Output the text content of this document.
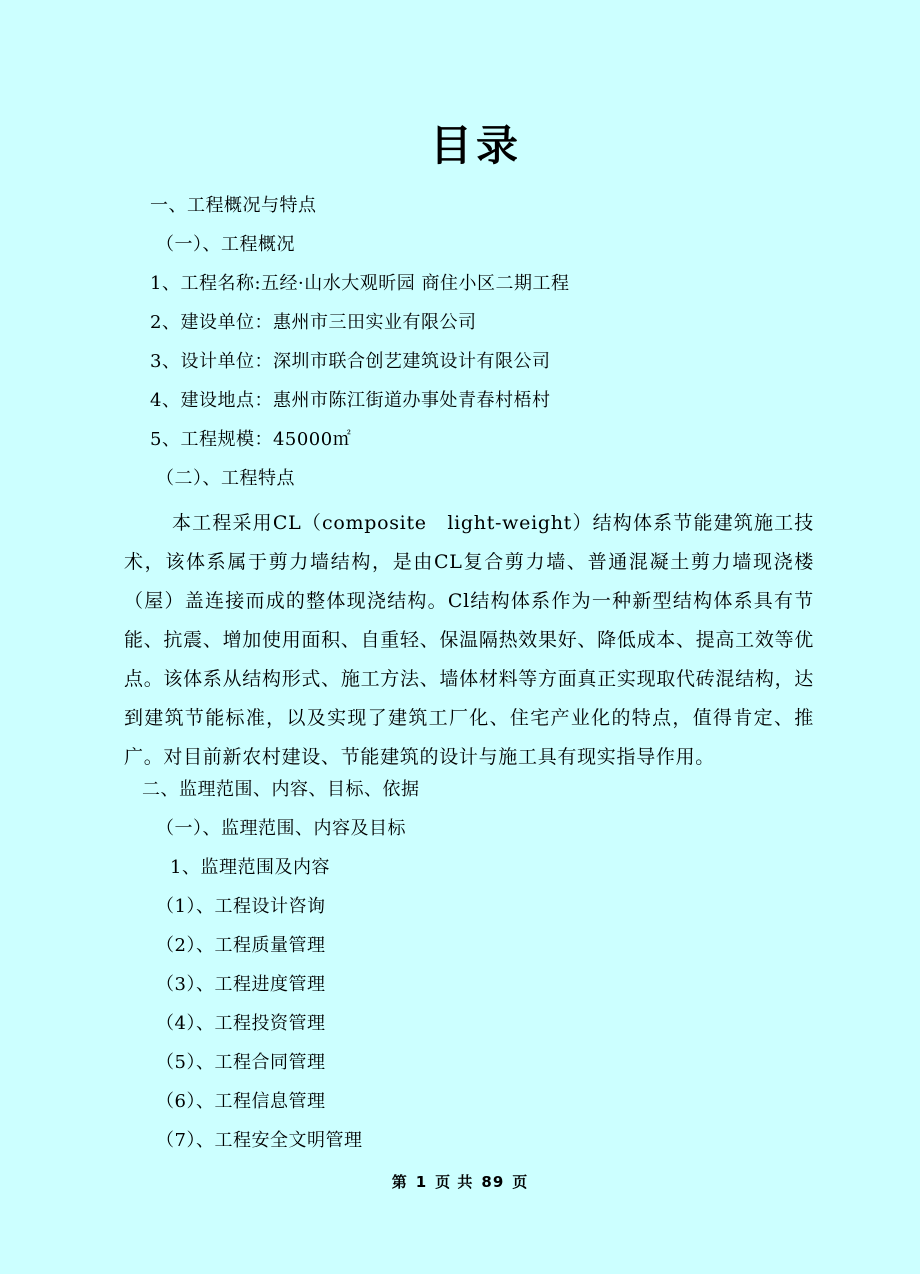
目录
一、工程概况与特点
（一）、工程概况
1、工程名称:五经·山水大观昕园 商住小区二期工程
2、建设单位：惠州市三田实业有限公司
3、设计单位：深圳市联合创艺建筑设计有限公司
4、建设地点：惠州市陈江街道办事处青春村梧村
5、工程规模：45000㎡
（二）、工程特点
本工程采用CL（composite　light-weight）结构体系节能建筑施工技术，该体系属于剪力墙结构，是由CL复合剪力墙、普通混凝土剪力墙现浇楼（屋）盖连接而成的整体现浇结构。Cl结构体系作为一种新型结构体系具有节能、抗震、增加使用面积、自重轻、保温隔热效果好、降低成本、提高工效等优点。该体系从结构形式、施工方法、墙体材料等方面真正实现取代砖混结构，达到建筑节能标准，以及实现了建筑工厂化、住宅产业化的特点，值得肯定、推广。对目前新农村建设、节能建筑的设计与施工具有现实指导作用。
二、监理范围、内容、目标、依据
（一）、监理范围、内容及目标
1、监理范围及内容
（1）、工程设计咨询
（2）、工程质量管理
（3）、工程进度管理
（4）、工程投资管理
（5）、工程合同管理
（6）、工程信息管理
（7）、工程安全文明管理
第 1 页 共 89 页
